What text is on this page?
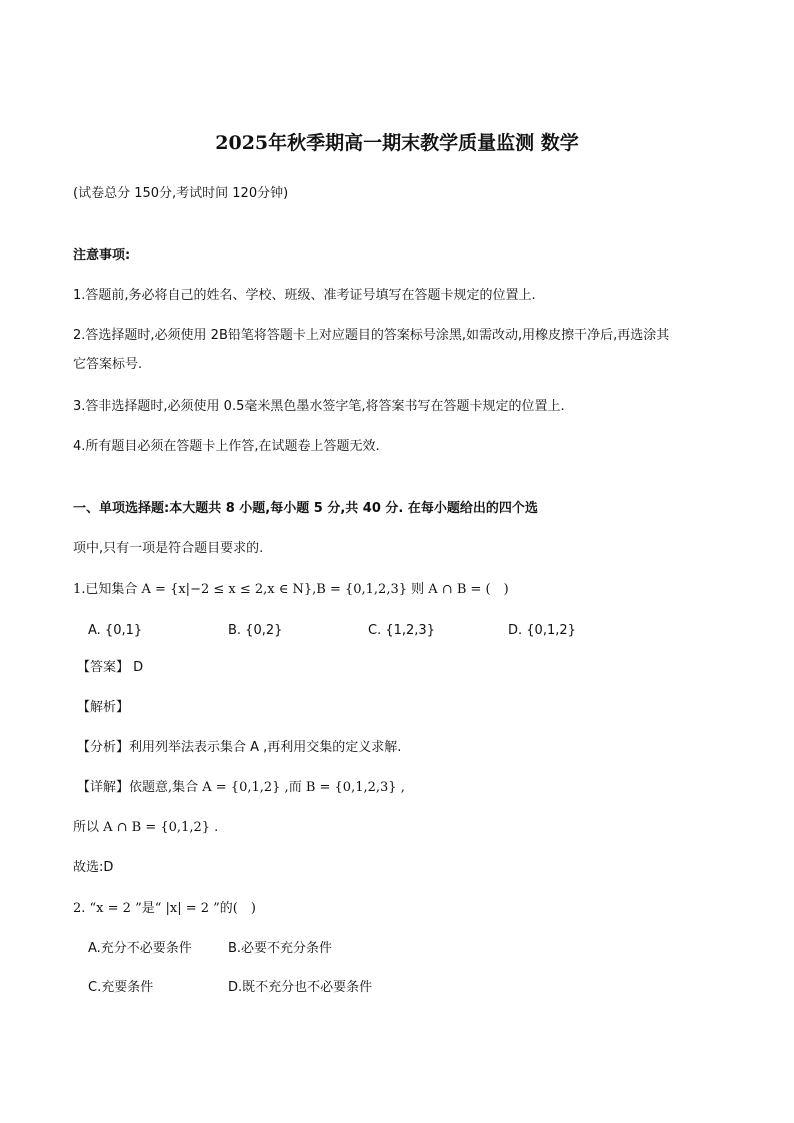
2025年秋季期高一期末教学质量监测 数学
(试卷总分 150分,考试时间 120分钟)
注意事项:
1.答题前,务必将自己的姓名、学校、班级、准考证号填写在答题卡规定的位置上.
2.答选择题时,必须使用 2B铅笔将答题卡上对应题目的答案标号涂黑,如需改动,用橡皮擦干净后,再选涂其
它答案标号.
3.答非选择题时,必须使用 0.5毫米黑色墨水签字笔,将答案书写在答题卡规定的位置上.
4.所有题目必须在答题卡上作答,在试题卷上答题无效.
一、单项选择题:本大题共 8 小题,每小题 5 分,共 40 分. 在每小题给出的四个选
项中,只有一项是符合题目要求的.
1.已知集合 A = {x|−2 ≤ x ≤ 2,x ∈ N},B = {0,1,2,3} 则 A ∩ B = (　)
A. {0,1}	B. {0,2}	C. {1,2,3}	D. {0,1,2}
【答案】 D
【解析】
【分析】利用列举法表示集合 A ,再利用交集的定义求解.
【详解】依题意,集合 A = {0,1,2} ,而 B = {0,1,2,3} ,
所以 A ∩ B = {0,1,2} .
故选:D
2. “x = 2 ”是“ |x| = 2 ”的(　)
A.充分不必要条件	B.必要不充分条件
C.充要条件	D.既不充分也不必要条件
